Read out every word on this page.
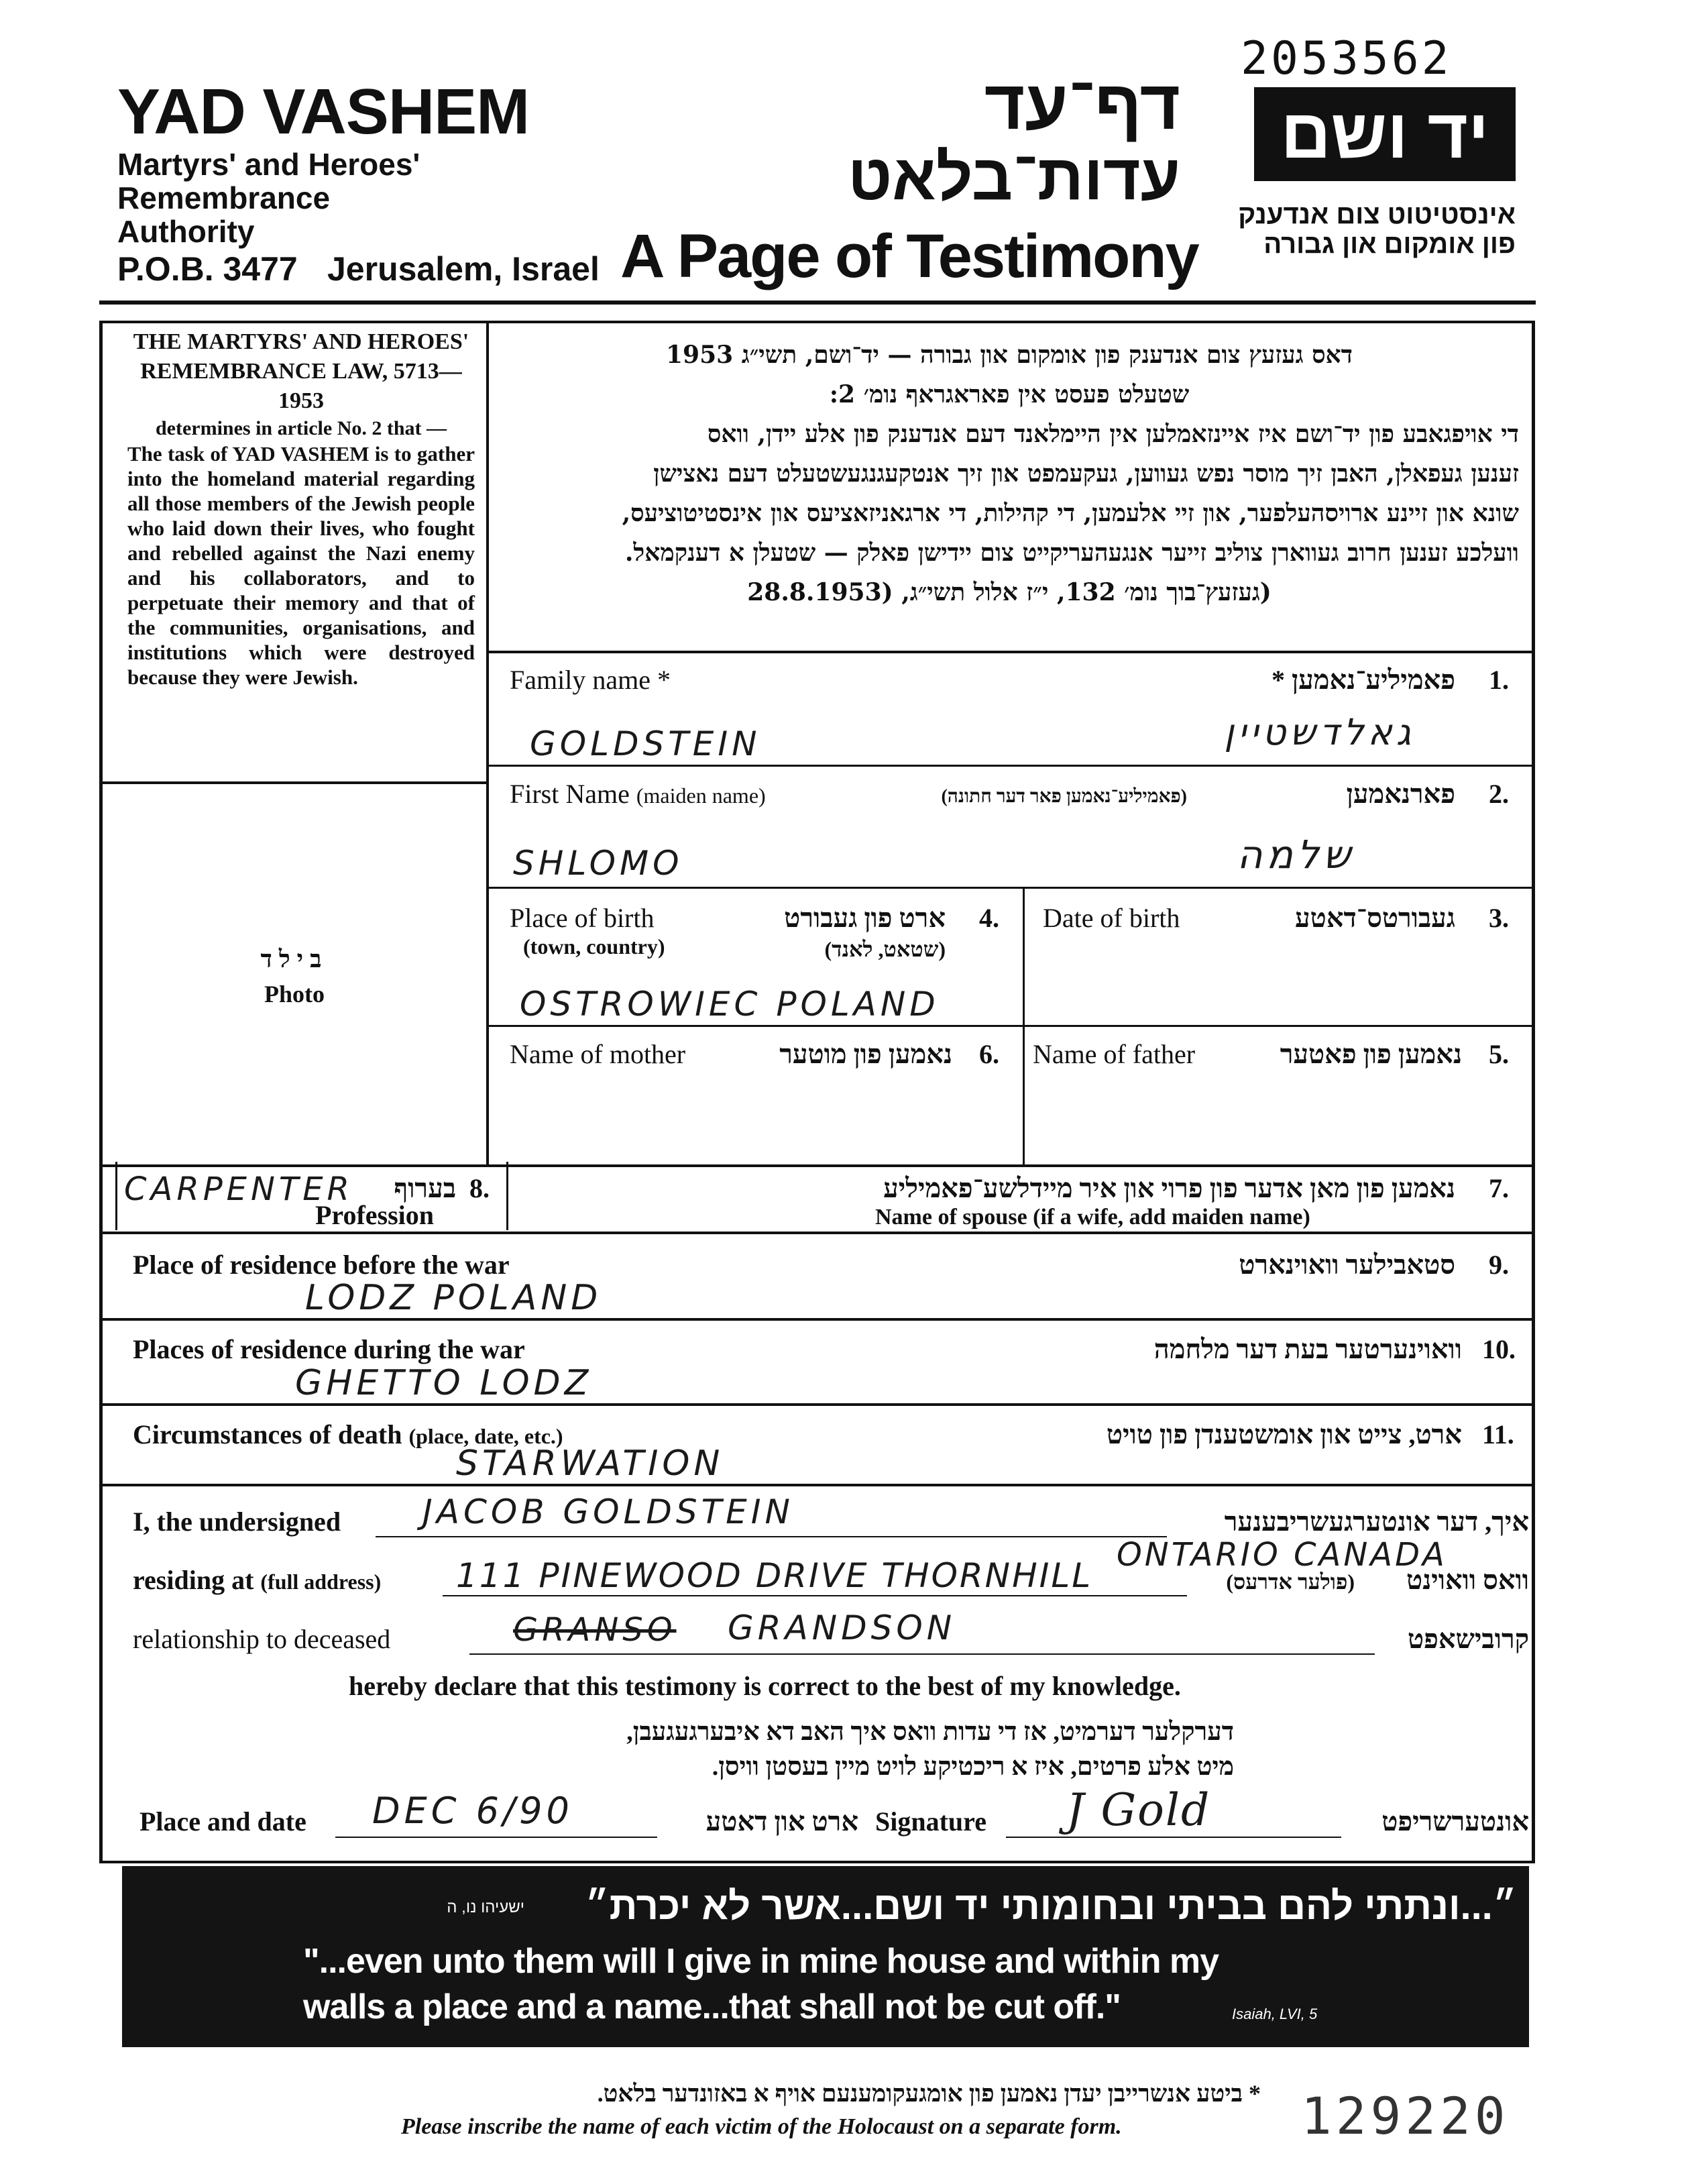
2053562
YAD VASHEM
Martyrs' and Heroes'
Remembrance
Authority
P.O.B. 3477 Jerusalem, Israel
דף־עד
עדות־בלאט
A Page of Testimony
יד ושם
אינסטיטוט צום אנדענק
פון אומקום און גבורה
THE MARTYRS' AND HEROES' REMEMBRANCE LAW, 5713—1953
determines in article No. 2 that —
The task of YAD VASHEM is to gather into the homeland material regarding all those members of the Jewish people who laid down their lives, who fought and rebelled against the Nazi enemy and his collaborators, and to perpetuate their memory and that of the communities, organisations, and institutions which were destroyed because they were Jewish.
דאס געזעץ צום אנדענק פון אומקום און גבורה — יד־ושם, תשי״ג 1953
שטעלט פעסט אין פאראגראף נומ׳ 2:
די אויפגאבע פון יד־ושם איז איינזאמלען אין היימלאנד דעם אנדענק פון אלע יידן, וואס
זענען געפאלן, האבן זיך מוסר נפש געווען, געקעמפט און זיך אנטקעגנגעשטעלט דעם נאצישן
שונא און זיינע ארויסהעלפער, און זיי אלעמען, די קהילות, די ארגאניזאציעס און אינסטיטוציעס,
וועלכע זענען חרוב געווארן צוליב זייער אנגעהעריקייט צום יידישן פאלק — שטעלן א דענקמאל.
(געזעץ־בוך נומ׳ 132, י״ז אלול תשי״ג, (28.8.1953
בילד
Photo
Family name *	פאמיליע־נאמען * 1.
GOLDSTEIN	גאלדשטיין
First Name (maiden name)	(פאמיליע־נאמען פאר דער חתונה)	פארנאמען 2.
SHLOMO	שלמה
Place of birth
(town, country)
ארט פון געבורט
(שטאט, לאנד)
4.
OSTROWIEC POLAND
Date of birth	געבורטס־דאטע 3.
Name of mother	נאמען פון מוטער 6. Name of father	נאמען פון פאטער 5.
CARPENTER	בערוף 8.
Profession
נאמען פון מאן אדער פון פרוי און איר מיידלשע־פאמיליע 7.
Name of spouse (if a wife, add maiden name)
Place of residence before the war	סטאבילער וואוינארט 9.
LODZ POLAND
Places of residence during the war	וואוינערטער בעת דער מלחמה 10.
GHETTO LODZ
Circumstances of death (place, date, etc.)	ארט, צייט און אומשטענדן פון טויט 11.
STARWATION
I, the undersigned JACOB GOLDSTEIN	איך, דער אונטערגעשריבענער
residing at (full address) 111 PINEWOOD DRIVE THORNHILL
ONTARIO CANADA
(פולער אדרעס)	וואס וואוינט
relationship to deceased	GRANSO GRANDSON	קרובישאפט
hereby declare that this testimony is correct to the best of my knowledge.
דערקלער דערמיט, אז די עדות וואס איך האב דא איבערגעגעבן,
מיט אלע פרטים, איז א ריכטיקע לויט מיין בעסטן וויסן.
Place and date DEC 6/90	ארט און דאטע Signature J Gold	אונטערשריפט
״...ונתתי להם בביתי ובחומותי יד ושם...אשר לא יכרת״
ישעיהו נו, ה
"...even unto them will I give in mine house and within my
walls a place and a name...that shall not be cut off."	Isaiah, LVI, 5
* ביטע אנשרייבן יעדן נאמען פון אומגעקומענעם אויף א באזונדער בלאט.
Please inscribe the name of each victim of the Holocaust on a separate form.	129220
